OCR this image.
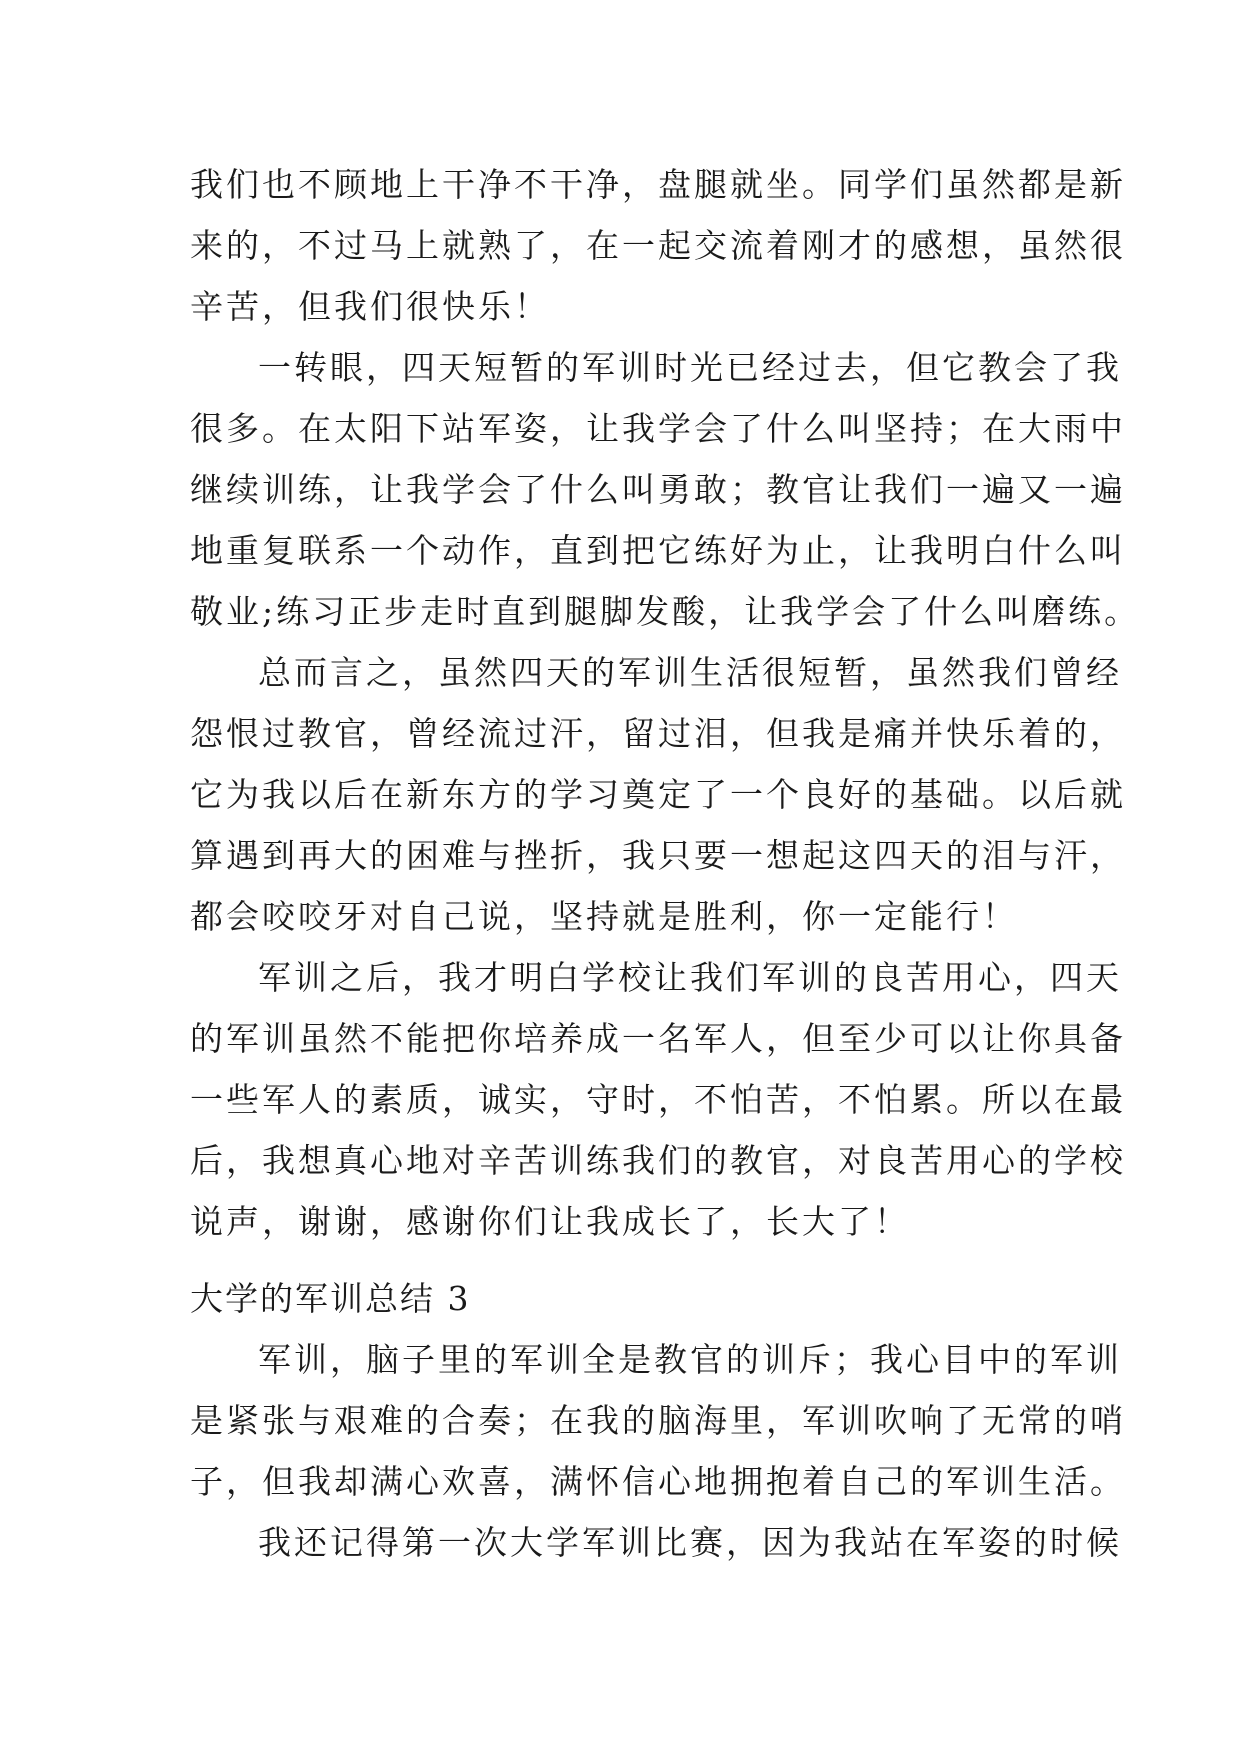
我们也不顾地上干净不干净，盘腿就坐。同学们虽然都是新
来的，不过马上就熟了，在一起交流着刚才的感想，虽然很
辛苦，但我们很快乐！
一转眼，四天短暂的军训时光已经过去，但它教会了我
很多。在太阳下站军姿，让我学会了什么叫坚持；在大雨中
继续训练，让我学会了什么叫勇敢；教官让我们一遍又一遍
地重复联系一个动作，直到把它练好为止，让我明白什么叫
敬业;练习正步走时直到腿脚发酸，让我学会了什么叫磨练。
总而言之，虽然四天的军训生活很短暂，虽然我们曾经
怨恨过教官，曾经流过汗，留过泪，但我是痛并快乐着的，
它为我以后在新东方的学习奠定了一个良好的基础。以后就
算遇到再大的困难与挫折，我只要一想起这四天的泪与汗，
都会咬咬牙对自己说，坚持就是胜利，你一定能行！
军训之后，我才明白学校让我们军训的良苦用心，四天
的军训虽然不能把你培养成一名军人，但至少可以让你具备
一些军人的素质，诚实，守时，不怕苦，不怕累。所以在最
后，我想真心地对辛苦训练我们的教官，对良苦用心的学校
说声，谢谢，感谢你们让我成长了，长大了！
大学的军训总结 3
军训，脑子里的军训全是教官的训斥；我心目中的军训
是紧张与艰难的合奏；在我的脑海里，军训吹响了无常的哨
子，但我却满心欢喜，满怀信心地拥抱着自己的军训生活。
我还记得第一次大学军训比赛，因为我站在军姿的时候
